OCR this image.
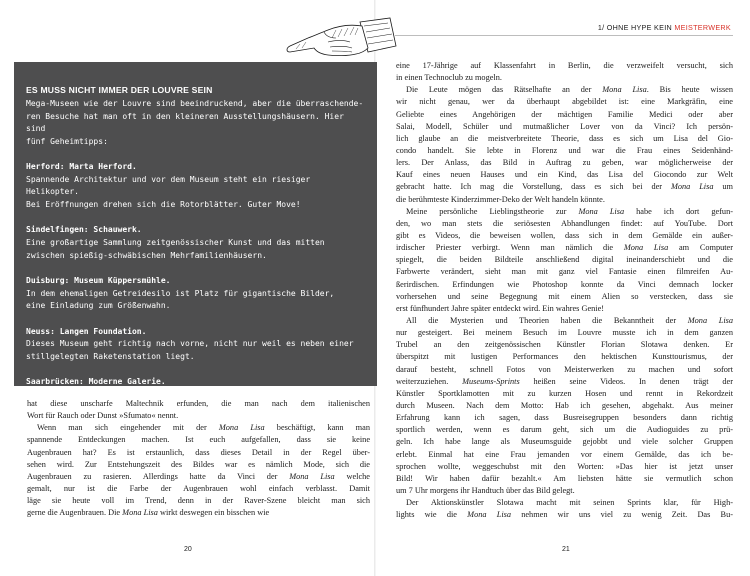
1/ OHNE HYPE KEIN MEISTERWERK
ES MUSS NICHT IMMER DER LOUVRE SEIN
Mega-Museen wie der Louvre sind beeindruckend, aber die überraschende-
ren Besuche hat man oft in den kleineren Ausstellungshäusern. Hier sind
fünf Geheimtipps:
Herford: Marta Herford.
Spannende Architektur und vor dem Museum steht ein riesiger Helikopter.
Bei Eröffnungen drehen sich die Rotorblätter. Guter Move!
Sindelfingen: Schauwerk.
Eine großartige Sammlung zeitgenössischer Kunst und das mitten
zwischen spießig-schwäbischen Mehrfamilienhäusern.
Duisburg: Museum Küppersmühle.
In dem ehemaligen Getreidesilo ist Platz für gigantische Bilder,
eine Einladung zum Größenwahn.
Neuss: Langen Foundation.
Dieses Museum geht richtig nach vorne, nicht nur weil es neben einer
stillgelegten Raketenstation liegt.
Saarbrücken: Moderne Galerie.
Tolle Sammlung im Museum, toller Kuchen im Café, was will man mehr?
hat diese unscharfe Maltechnik erfunden, die man nach dem italienischen
Wort für Rauch oder Dunst »Sfumato« nennt.
Wenn man sich eingehender mit der Mona Lisa beschäftigt, kann man
spannende Entdeckungen machen. Ist euch aufgefallen, dass sie keine
Augenbrauen hat? Es ist erstaunlich, dass dieses Detail in der Regel über-
sehen wird. Zur Entstehungszeit des Bildes war es nämlich Mode, sich die
Augenbrauen zu rasieren. Allerdings hatte da Vinci der Mona Lisa welche
gemalt, nur ist die Farbe der Augenbrauen wohl einfach verblasst. Damit
läge sie heute voll im Trend, denn in der Raver-Szene bleicht man sich
gerne die Augenbrauen. Die Mona Lisa wirkt deswegen ein bisschen wie
eine 17-Jährige auf Klassenfahrt in Berlin, die verzweifelt versucht, sich
in einen Technoclub zu mogeln.
Die Leute mögen das Rätselhafte an der Mona Lisa. Bis heute wissen
wir nicht genau, wer da überhaupt abgebildet ist: eine Markgräfin, eine
Geliebte eines Angehörigen der mächtigen Familie Medici oder aber
Salai, Modell, Schüler und mutmaßlicher Lover von da Vinci? Ich persön-
lich glaube an die meistverbreitete Theorie, dass es sich um Lisa del Gio-
condo handelt. Sie lebte in Florenz und war die Frau eines Seidenhänd-
lers. Der Anlass, das Bild in Auftrag zu geben, war möglicherweise der
Kauf eines neuen Hauses und ein Kind, das Lisa del Giocondo zur Welt
gebracht hatte. Ich mag die Vorstellung, dass es sich bei der Mona Lisa um
die berühmteste Kinderzimmer-Deko der Welt handeln könnte.
Meine persönliche Lieblingstheorie zur Mona Lisa habe ich dort gefun-
den, wo man stets die seriösesten Abhandlungen findet: auf YouTube. Dort
gibt es Videos, die beweisen wollen, dass sich in dem Gemälde ein außer-
irdischer Priester verbirgt. Wenn man nämlich die Mona Lisa am Computer
spiegelt, die beiden Bildteile anschließend digital ineinanderschiebt und die
Farbwerte verändert, sieht man mit ganz viel Fantasie einen filmreifen Au-
ßerirdischen. Erfindungen wie Photoshop konnte da Vinci demnach locker
vorhersehen und seine Begegnung mit einem Alien so verstecken, dass sie
erst fünfhundert Jahre später entdeckt wird. Ein wahres Genie!
All die Mysterien und Theorien haben die Bekanntheit der Mona Lisa
nur gesteigert. Bei meinem Besuch im Louvre musste ich in dem ganzen
Trubel an den zeitgenössischen Künstler Florian Slotawa denken. Er
überspitzt mit lustigen Performances den hektischen Kunsttourismus, der
darauf besteht, schnell Fotos von Meisterwerken zu machen und sofort
weiterzuziehen. Museums-Sprints heißen seine Videos. In denen trägt der
Künstler Sportklamotten mit zu kurzen Hosen und rennt in Rekordzeit
durch Museen. Nach dem Motto: Hab ich gesehen, abgehakt. Aus meiner
Erfahrung kann ich sagen, dass Busreisegruppen besonders dann richtig
sportlich werden, wenn es darum geht, sich um die Audioguides zu prü-
geln. Ich habe lange als Museumsguide gejobbt und viele solcher Gruppen
erlebt. Einmal hat eine Frau jemanden vor einem Gemälde, das ich be-
sprochen wollte, weggeschubst mit den Worten: »Das hier ist jetzt unser
Bild! Wir haben dafür bezahlt.« Am liebsten hätte sie vermutlich schon
um 7 Uhr morgens ihr Handtuch über das Bild gelegt.
Der Aktionskünstler Slotawa macht mit seinen Sprints klar, für High-
lights wie die Mona Lisa nehmen wir uns viel zu wenig Zeit. Das Bu-
20	21
